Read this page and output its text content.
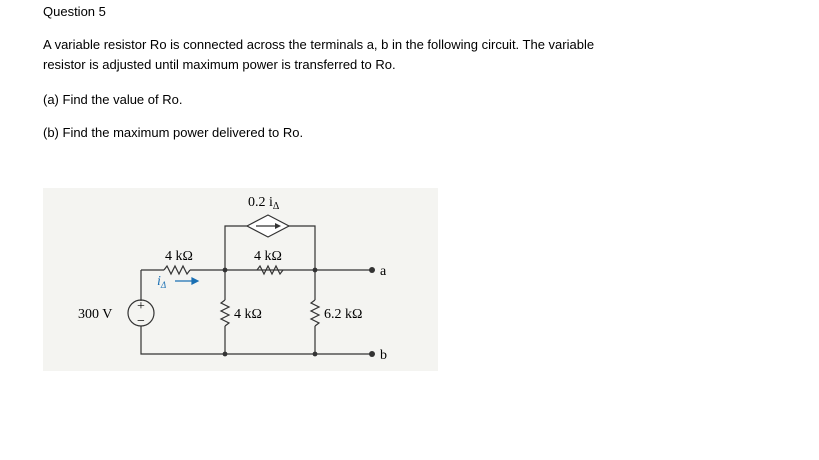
Question 5
A variable resistor Ro is connected across the terminals a, b in the following circuit. The variable
resistor is adjusted until maximum power is transferred to Ro.
(a) Find the value of Ro.
(b) Find the maximum power delivered to Ro.
0.2 $i_\Delta$
4 kΩ	4 kΩ
4 kΩ	6.2 kΩ
300 V
+
−
$i_\Delta$
a
b
